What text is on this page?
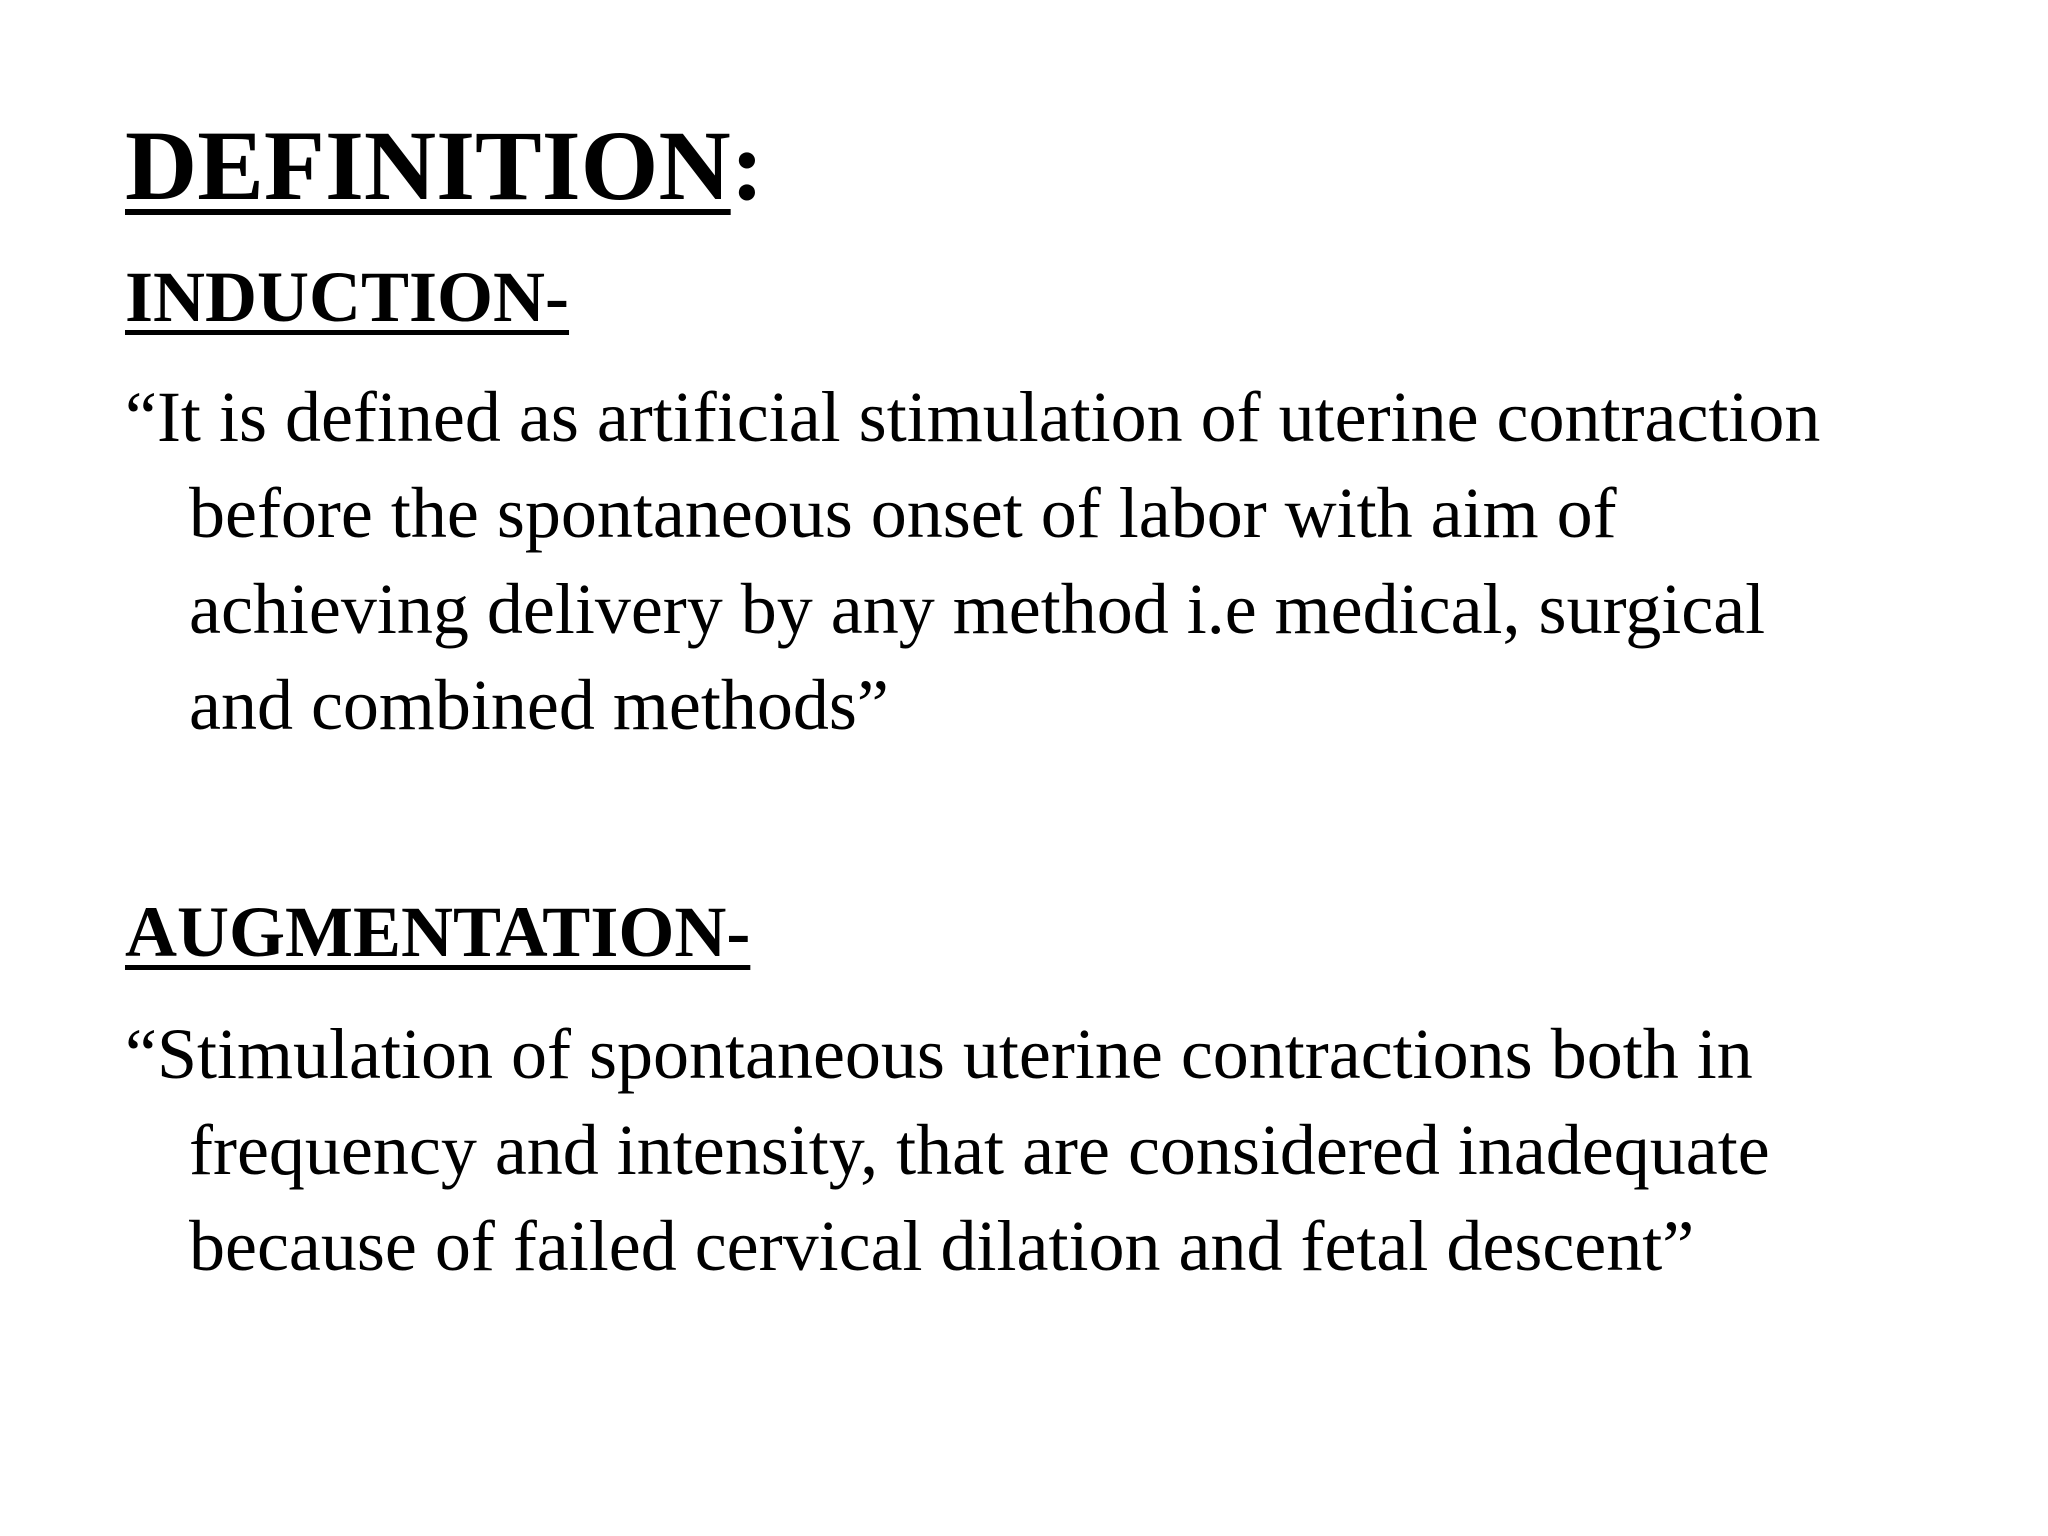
DEFINITION:
INDUCTION-

“It is defined as artificial stimulation of uterine contraction
before the spontaneous onset of labor with aim of
achieving delivery by any method i.e medical, surgical
and combined methods”

AUGMENTATION-

“Stimulation of spontaneous uterine contractions both in
frequency and intensity, that are considered inadequate
because of failed cervical dilation and fetal descent”
